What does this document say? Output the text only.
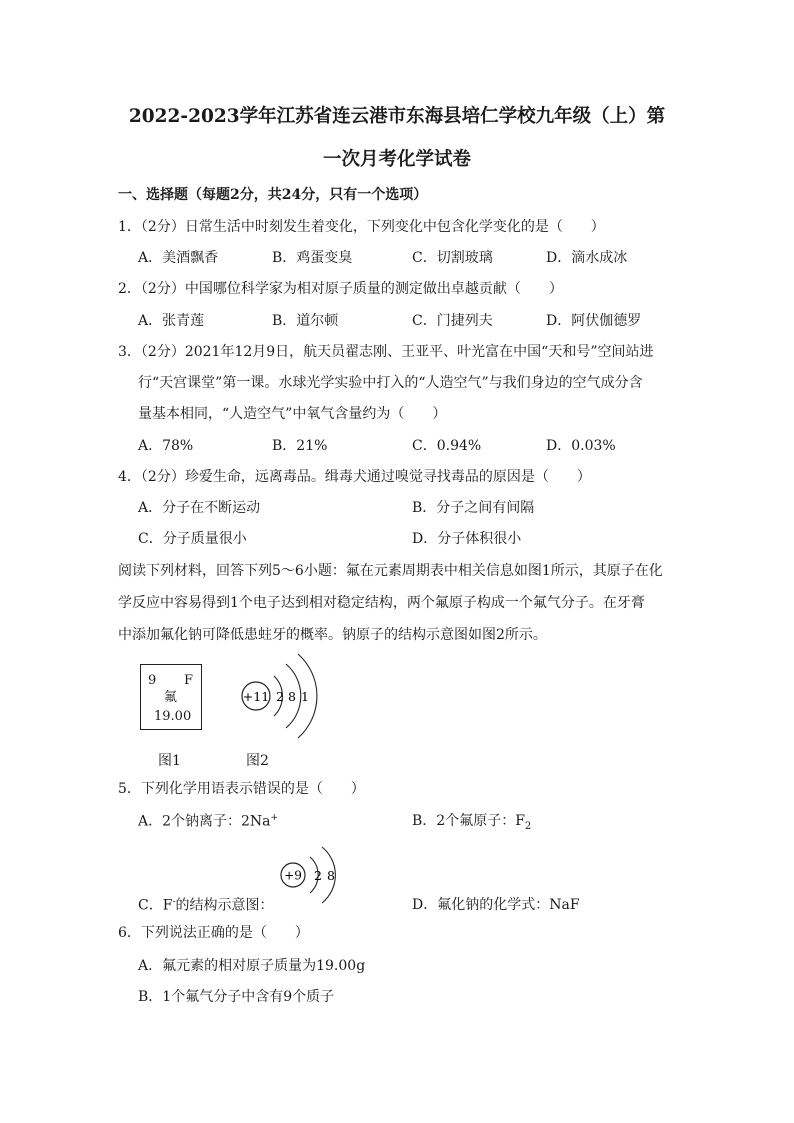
2022-2023学年江苏省连云港市东海县培仁学校九年级（上）第
一次月考化学试卷
一、选择题（每题2分，共24分，只有一个选项）
1．（2分）日常生活中时刻发生着变化，下列变化中包含化学变化的是（　　）
A．美酒飘香	B．鸡蛋变臭	C．切割玻璃	D．滴水成冰
2．（2分）中国哪位科学家为相对原子质量的测定做出卓越贡献（　　）
A．张青莲	B．道尔顿	C．门捷列夫	D．阿伏伽德罗
3．（2分）2021年12月9日，航天员翟志刚、王亚平、叶光富在中国“天和号”空间站进
行“天宫课堂”第一课。水球光学实验中打入的“人造空气”与我们身边的空气成分含
量基本相同，“人造空气”中氧气含量约为（　　）
A．78%	B．21%	C．0.94%	D．0.03%
4．（2分）珍爱生命，远离毒品。缉毒犬通过嗅觉寻找毒品的原因是（　　）
A．分子在不断运动	B．分子之间有间隔
C．分子质量很小	D．分子体积很小
阅读下列材料，回答下列5～6小题：氟在元素周期表中相关信息如图1所示，其原子在化
学反应中容易得到1个电子达到相对稳定结构，两个氟原子构成一个氟气分子。在牙膏
中添加氟化钠可降低患蛀牙的概率。钠原子的结构示意图如图2所示。
9 F
氟
19.00
图1
+11 2 8 1
图2
5．下列化学用语表示错误的是（　　）
A．2个钠离子：2Na+	B．2个氟原子：$F_2$
+9 2 8
C．F-的结构示意图：	D．氟化钠的化学式：NaF
6．下列说法正确的是（　　）
A．氟元素的相对原子质量为19.00g
B．1个氟气分子中含有9个质子
